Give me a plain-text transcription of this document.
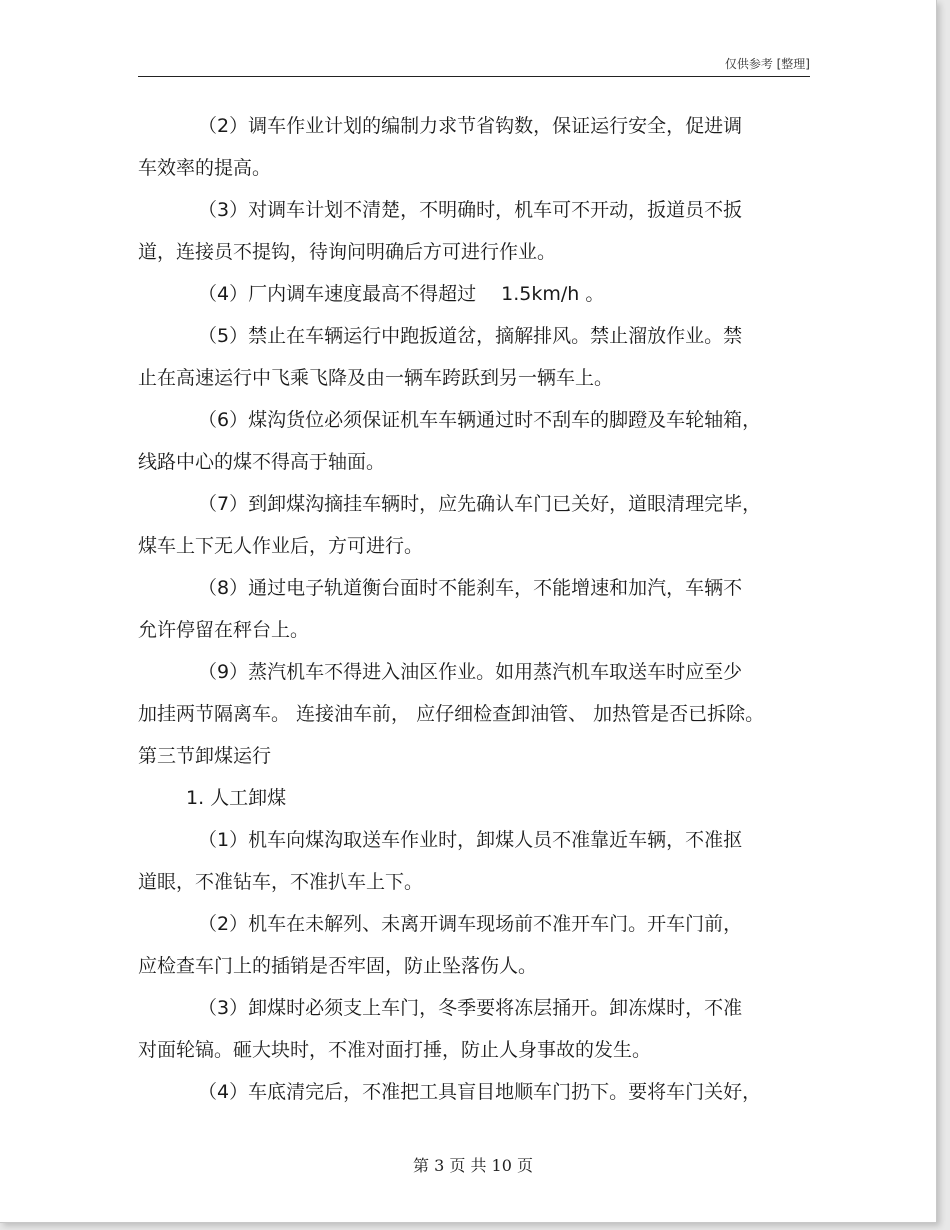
仅供参考 [整理]
（2）调车作业计划的编制力求节省钩数，保证运行安全，促进调
车效率的提高。
（3）对调车计划不清楚，不明确时，机车可不开动，扳道员不扳
道，连接员不提钩，待询问明确后方可进行作业。
（4）厂内调车速度最高不得超过　 1.5km/h 。
（5）禁止在车辆运行中跑扳道岔，摘解排风。禁止溜放作业。禁
止在高速运行中飞乘飞降及由一辆车跨跃到另一辆车上。
（6）煤沟货位必须保证机车车辆通过时不刮车的脚蹬及车轮轴箱，
线路中心的煤不得高于轴面。
（7）到卸煤沟摘挂车辆时，应先确认车门已关好，道眼清理完毕，
煤车上下无人作业后，方可进行。
（8）通过电子轨道衡台面时不能刹车，不能增速和加汽，车辆不
允许停留在秤台上。
（9）蒸汽机车不得进入油区作业。如用蒸汽机车取送车时应至少
加挂两节隔离车。 连接油车前， 应仔细检查卸油管、 加热管是否已拆除。
第三节卸煤运行
1. 人工卸煤
（1）机车向煤沟取送车作业时，卸煤人员不准靠近车辆，不准抠
道眼，不准钻车，不准扒车上下。
（2）机车在未解列、未离开调车现场前不准开车门。开车门前，
应检查车门上的插销是否牢固，防止坠落伤人。
（3）卸煤时必须支上车门，冬季要将冻层捅开。卸冻煤时，不准
对面轮镐。砸大块时，不准对面打捶，防止人身事故的发生。
（4）车底清完后，不准把工具盲目地顺车门扔下。要将车门关好，
第 3 页 共 10 页
